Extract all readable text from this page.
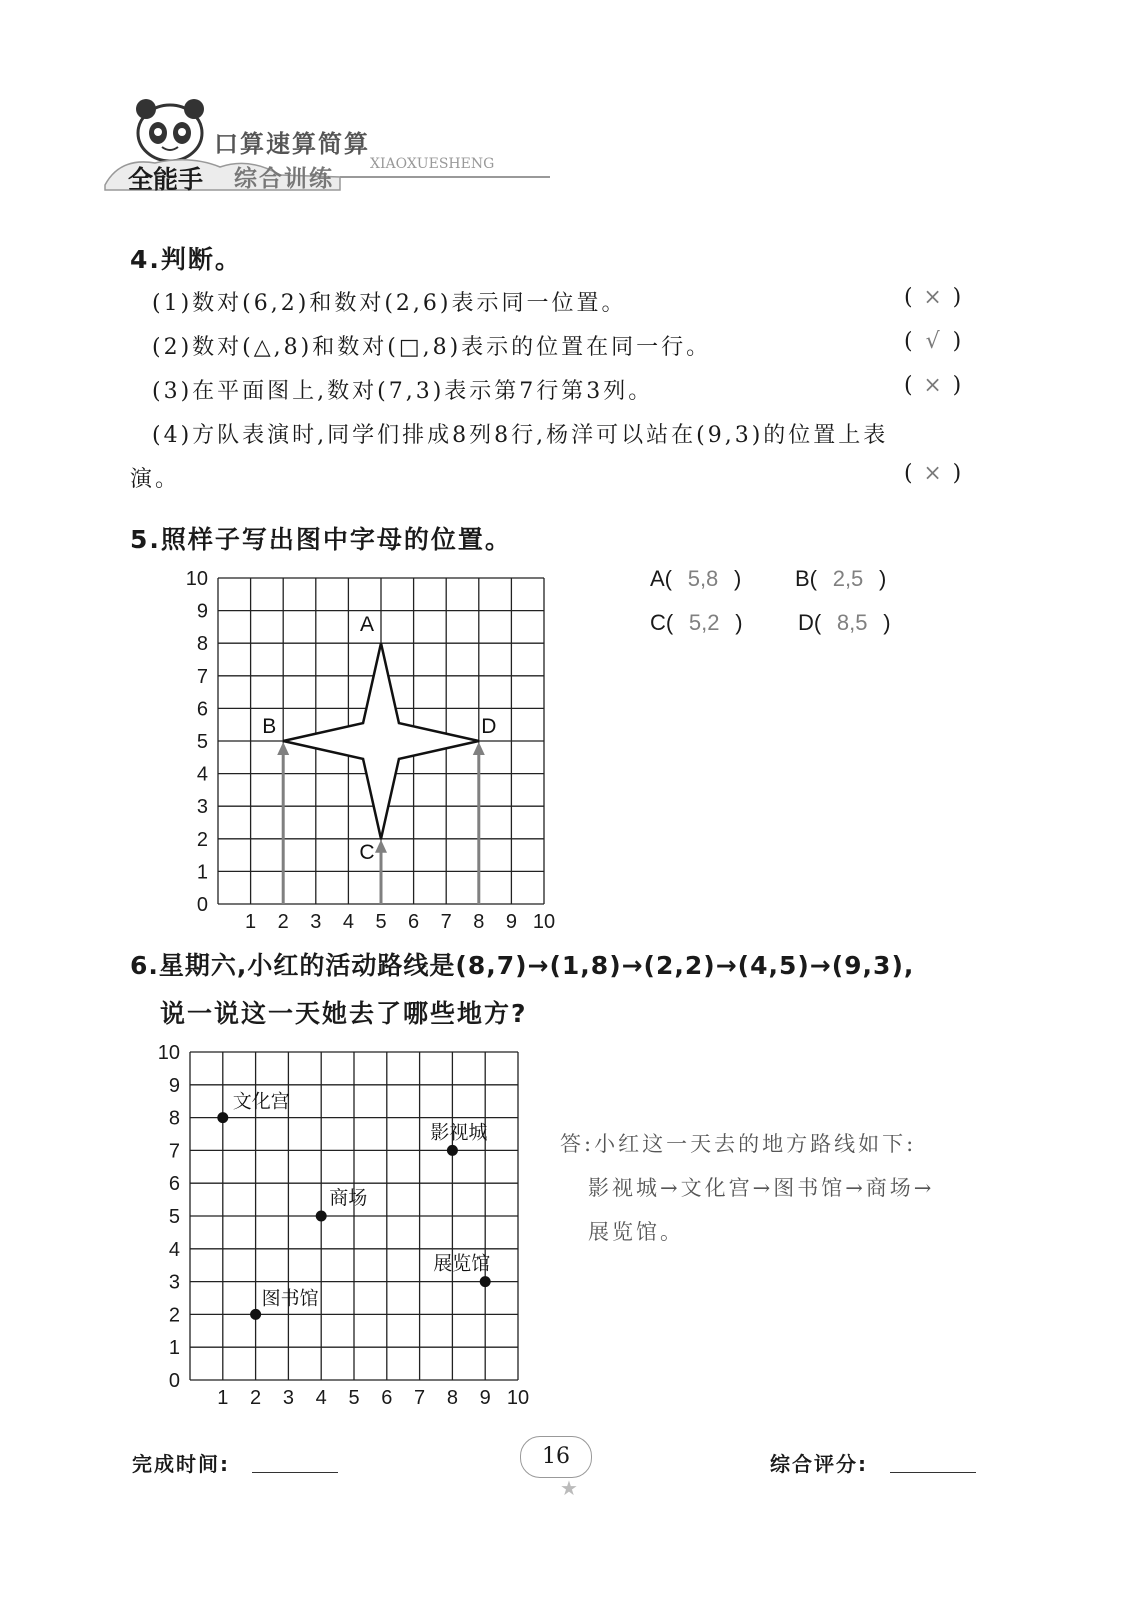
全能手
口算速算简算
综合训练
XIAOXUESHENG
4.判断。
(1)数对(6,2)和数对(2,6)表示同一位置。	( × )
(2)数对(△,8)和数对(□,8)表示的位置在同一行。	( √ )
(3)在平面图上,数对(7,3)表示第7行第3列。	( × )
(4)方队表演时,同学们排成8列8行,杨洋可以站在(9,3)的位置上表
演。	( × )
5.照样子写出图中字母的位置。
0
1
1
2
2
3
3
4
4
5
5
6
6
7
7
8
8
9
9
10
10
A
B
C
D
A( 5,8 ) B( 2,5 )
C( 5,2 )	D( 8,5 )
6.星期六,小红的活动路线是(8,7)→(1,8)→(2,2)→(4,5)→(9,3),
说一说这一天她去了哪些地方?
0
1
1
2
2
3
3
4
4
5
5
6
6
7
7
8
8
9
9
10
10
文化宫
影视城
商场
展览馆
图书馆
答:小红这一天去的地方路线如下:
影视城→文化宫→图书馆→商场→
展览馆。
完成时间:	16
★
综合评分:
